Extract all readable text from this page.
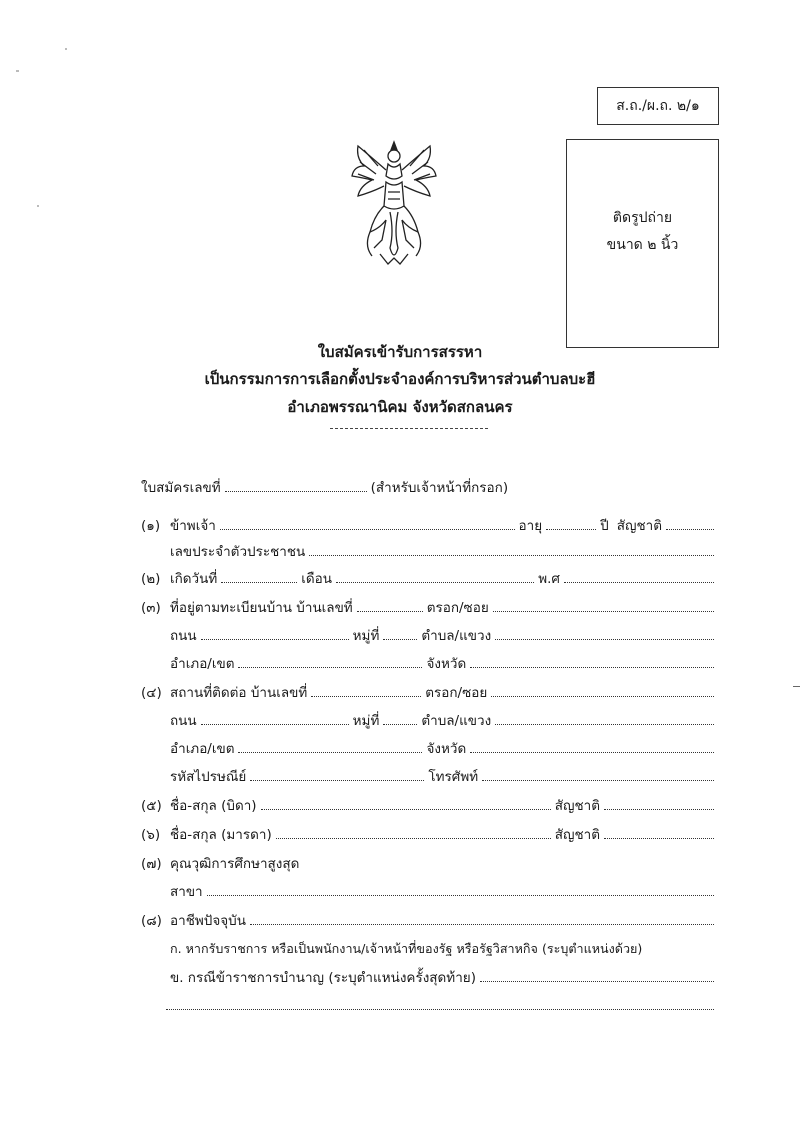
ส.ถ./ผ.ถ. ๒/๑
ติดรูปถ่าย
ขนาด ๒ นิ้ว
ใบสมัครเข้ารับการสรรหา
เป็นกรรมการการเลือกตั้งประจำองค์การบริหารส่วนตำบลบะฮี
อำเภอพรรณานิคม จังหวัดสกลนคร
ใบสมัครเลขที่	(สำหรับเจ้าหน้าที่กรอก)
(๑) ข้าพเจ้า	อายุ	ปี สัญชาติ
เลขประจำตัวประชาชน
(๒) เกิดวันที่	เดือน	พ.ศ
(๓) ที่อยู่ตามทะเบียนบ้าน บ้านเลขที่	ตรอก/ซอย
ถนน	หมู่ที่	ตำบล/แขวง
อำเภอ/เขต	จังหวัด
(๔) สถานที่ติดต่อ บ้านเลขที่	ตรอก/ซอย
ถนน	หมู่ที่	ตำบล/แขวง
อำเภอ/เขต	จังหวัด
รหัสไปรษณีย์	โทรศัพท์
(๕) ชื่อ-สกุล (บิดา)	สัญชาติ
(๖) ชื่อ-สกุล (มารดา)	สัญชาติ
(๗) คุณวุฒิการศึกษาสูงสุด
สาขา
(๘) อาชีพปัจจุบัน
ก. หากรับราชการ หรือเป็นพนักงาน/เจ้าหน้าที่ของรัฐ หรือรัฐวิสาหกิจ (ระบุตำแหน่งด้วย)
ข. กรณีข้าราชการบำนาญ (ระบุตำแหน่งครั้งสุดท้าย)
